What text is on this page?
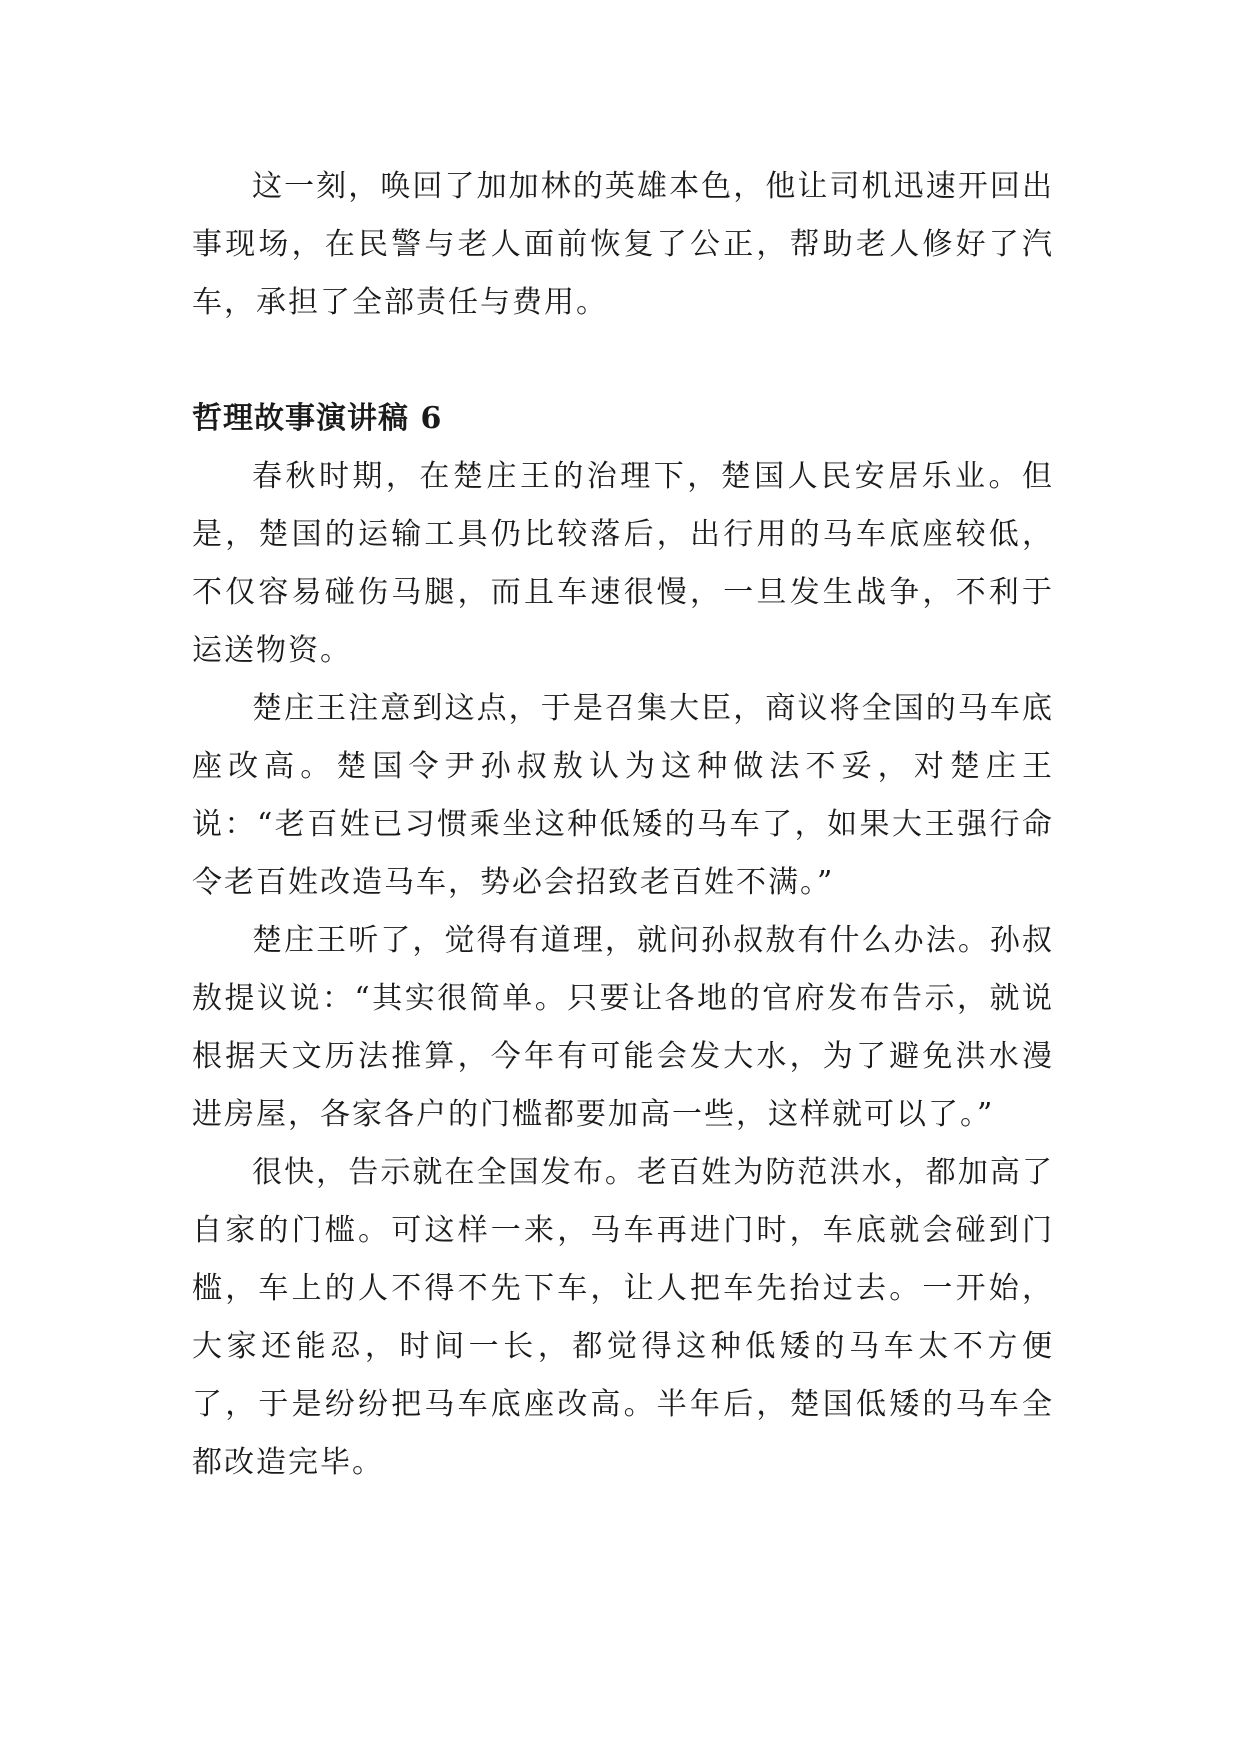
这一刻，唤回了加加林的英雄本色，他让司机迅速开回出事现场，在民警与老人面前恢复了公正，帮助老人修好了汽车，承担了全部责任与费用。

哲理故事演讲稿 6

春秋时期，在楚庄王的治理下，楚国人民安居乐业。但是，楚国的运输工具仍比较落后，出行用的马车底座较低，不仅容易碰伤马腿，而且车速很慢，一旦发生战争，不利于运送物资。

楚庄王注意到这点，于是召集大臣，商议将全国的马车底座改高。楚国令尹孙叔敖认为这种做法不妥，对楚庄王说：“老百姓已习惯乘坐这种低矮的马车了，如果大王强行命令老百姓改造马车，势必会招致老百姓不满。”

楚庄王听了，觉得有道理，就问孙叔敖有什么办法。孙叔敖提议说：“其实很简单。只要让各地的官府发布告示，就说根据天文历法推算，今年有可能会发大水，为了避免洪水漫进房屋，各家各户的门槛都要加高一些，这样就可以了。”

很快，告示就在全国发布。老百姓为防范洪水，都加高了自家的门槛。可这样一来，马车再进门时，车底就会碰到门槛，车上的人不得不先下车，让人把车先抬过去。一开始，大家还能忍，时间一长，都觉得这种低矮的马车太不方便了，于是纷纷把马车底座改高。半年后，楚国低矮的马车全都改造完毕。
